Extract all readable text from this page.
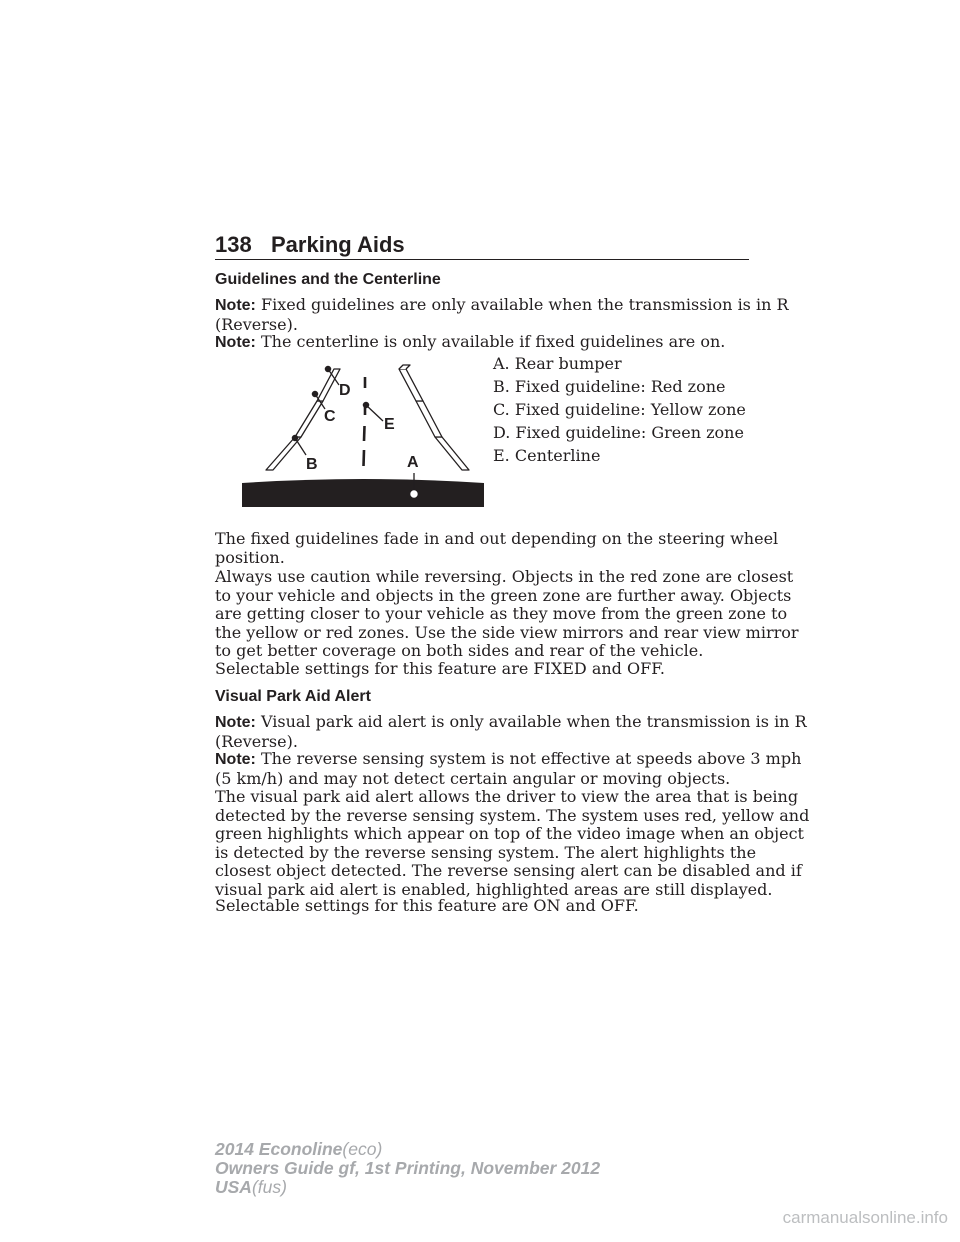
138 Parking Aids
Guidelines and the Centerline
Note: Fixed guidelines are only available when the transmission is in R
(Reverse).
Note: The centerline is only available if fixed guidelines are on.
D
C
B
E
A
A. Rear bumper
B. Fixed guideline: Red zone
C. Fixed guideline: Yellow zone
D. Fixed guideline: Green zone
E. Centerline
The fixed guidelines fade in and out depending on the steering wheel
position.
Always use caution while reversing. Objects in the red zone are closest
to your vehicle and objects in the green zone are further away. Objects
are getting closer to your vehicle as they move from the green zone to
the yellow or red zones. Use the side view mirrors and rear view mirror
to get better coverage on both sides and rear of the vehicle.
Selectable settings for this feature are FIXED and OFF.
Visual Park Aid Alert
Note: Visual park aid alert is only available when the transmission is in R
(Reverse).
Note: The reverse sensing system is not effective at speeds above 3 mph
(5 km/h) and may not detect certain angular or moving objects.
The visual park aid alert allows the driver to view the area that is being
detected by the reverse sensing system. The system uses red, yellow and
green highlights which appear on top of the video image when an object
is detected by the reverse sensing system. The alert highlights the
closest object detected. The reverse sensing alert can be disabled and if
visual park aid alert is enabled, highlighted areas are still displayed.
Selectable settings for this feature are ON and OFF.
2014 Econoline(eco)
Owners Guide gf, 1st Printing, November 2012
USA(fus)
carmanualsonline.info
